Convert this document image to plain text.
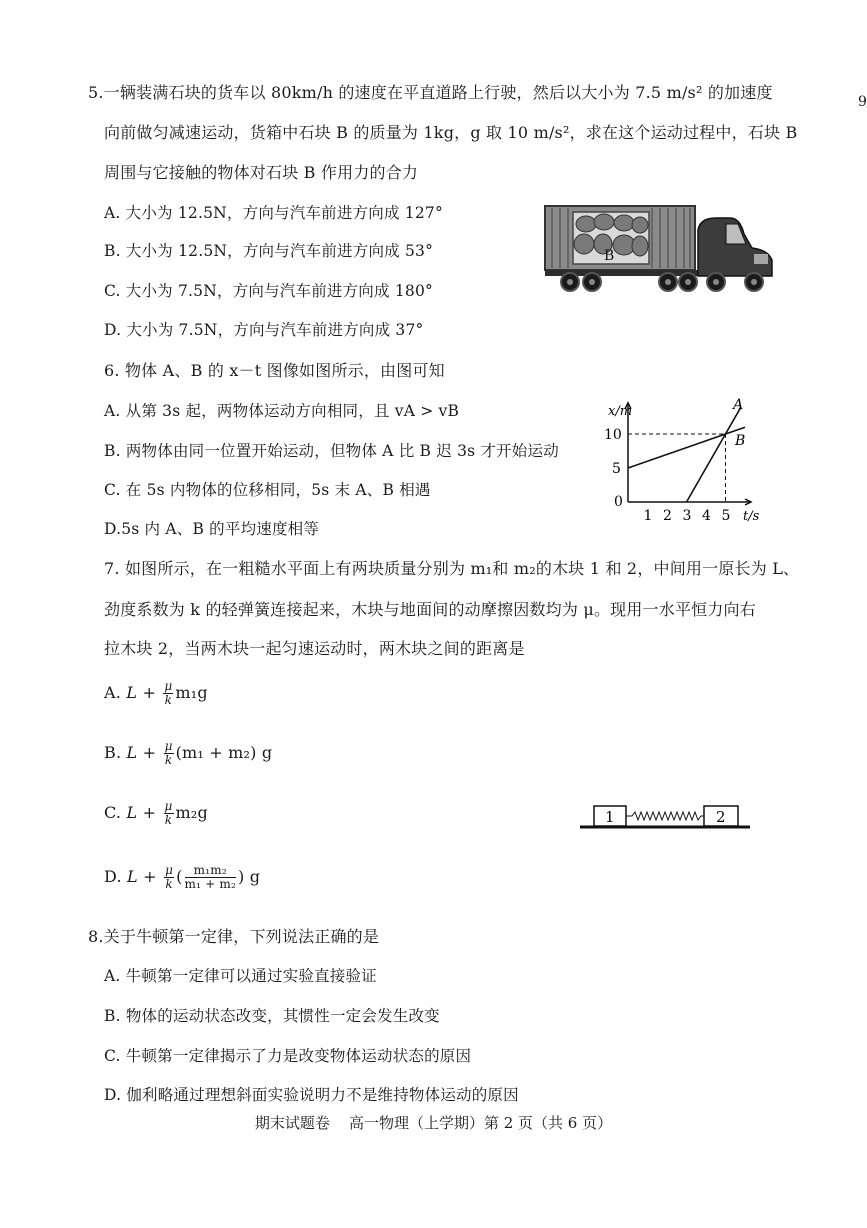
9
5.一辆装满石块的货车以 80km/h 的速度在平直道路上行驶，然后以大小为 7.5 m/s² 的加速度
向前做匀减速运动，货箱中石块 B 的质量为 1kg，g 取 10 m/s²，求在这个运动过程中，石块 B
周围与它接触的物体对石块 B 作用力的合力
A. 大小为 12.5N，方向与汽车前进方向成 127°
B. 大小为 12.5N，方向与汽车前进方向成 53°
C. 大小为 7.5N，方向与汽车前进方向成 180°
D. 大小为 7.5N，方向与汽车前进方向成 37°
B
6. 物体 A、B 的 x－t 图像如图所示，由图可知
A. 从第 3s 起，两物体运动方向相同，且 vA > vB
B. 两物体由同一位置开始运动，但物体 A 比 B 迟 3s 才开始运动
C. 在 5s 内物体的位移相同，5s 末 A、B 相遇
D.5s 内 A、B 的平均速度相等
A
B
1 2 3 4 5
5
10
0
t/s
x/m
7. 如图所示，在一粗糙水平面上有两块质量分别为 m₁和 m₂的木块 1 和 2，中间用一原长为 L、
劲度系数为 k 的轻弹簧连接起来，木块与地面间的动摩擦因数均为 μ。现用一水平恒力向右
拉木块 2，当两木块一起匀速运动时，两木块之间的距离是
A. $L + \frac{\mu}{k} m_1g$
B. $L + \frac{\mu}{k} (m_1 + m_2)$ g
C. $L + \frac{\mu}{k} m_2g$
D. $L + \frac{\mu}{k}$ ( $\frac{\text{m₁m₂}}{\text{m₁ + m₂}}$ ) g
1	2
8.关于牛顿第一定律，下列说法正确的是
A. 牛顿第一定律可以通过实验直接验证
B. 物体的运动状态改变，其惯性一定会发生改变
C. 牛顿第一定律揭示了力是改变物体运动状态的原因
D. 伽利略通过理想斜面实验说明力不是维持物体运动的原因
期末试题卷    高一物理（上学期）第 2 页（共 6 页）
